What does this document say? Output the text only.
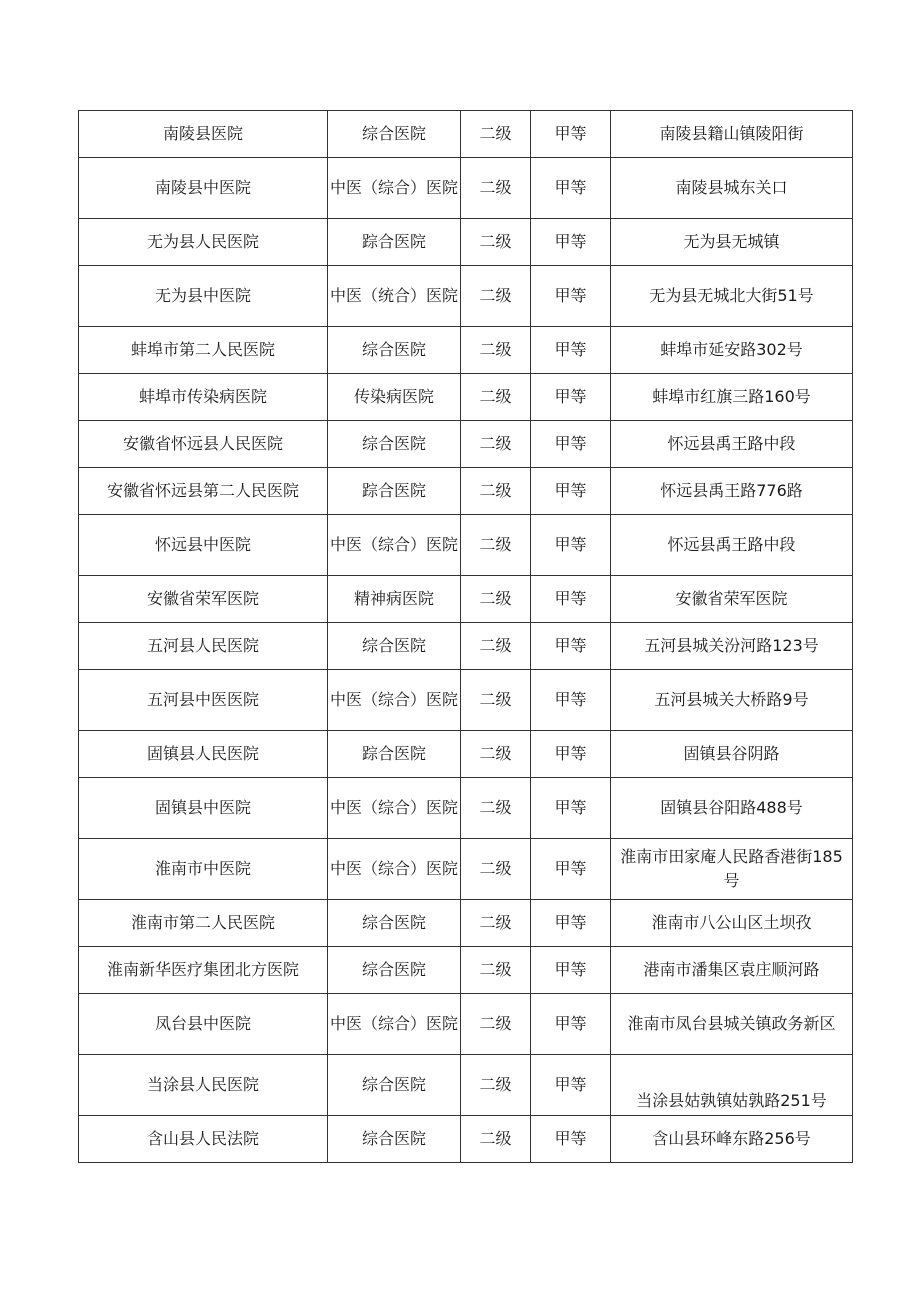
南陵县医院	综合医院	二级	甲等	南陵县籍山镇陵阳街
南陵县中医院	中医（综合）医院	二级	甲等	南陵县城东关口
无为县人民医院	踪合医院	二级	甲等	无为县无城镇
无为县中医院	中医（统合）医院	二级	甲等	无为县无城北大街51号
蚌埠市第二人民医院	综合医院	二级	甲等	蚌埠市延安路302号
蚌埠市传染病医院	传染病医院	二级	甲等	蚌埠市红旗三路160号
安徽省怀远县人民医院	综合医院	二级	甲等	怀远县禹王路中段
安徽省怀远县第二人民医院	踪合医院	二级	甲等	怀远县禹王路776路
怀远县中医院	中医（综合）医院	二级	甲等	怀远县禹王路中段
安徽省荣军医院	精神病医院	二级	甲等	安徽省荣军医院
五河县人民医院	综合医院	二级	甲等	五河县城关汾河路123号
五河县中医医院	中医（综合）医院	二级	甲等	五河县城关大桥路9号
固镇县人民医院	踪合医院	二级	甲等	固镇县谷阴路
固镇县中医院	中医（综合）医院	二级	甲等	固镇县谷阳路488号
淮南市中医院	中医（综合）医院	二级	甲等	淮南市田家庵人民路香港街185号
淮南市第二人民医院	综合医院	二级	甲等	淮南市八公山区土坝孜
淮南新华医疗集团北方医院	综合医院	二级	甲等	港南市潘集区袁庄顺河路
凤台县中医院	中医（综合）医院	二级	甲等	淮南市凤台县城关镇政务新区
当涂县人民医院	综合医院	二级	甲等	当涂县姑孰镇姑孰路251号
含山县人民法院	综合医院	二级	甲等	含山县环峰东路256号
